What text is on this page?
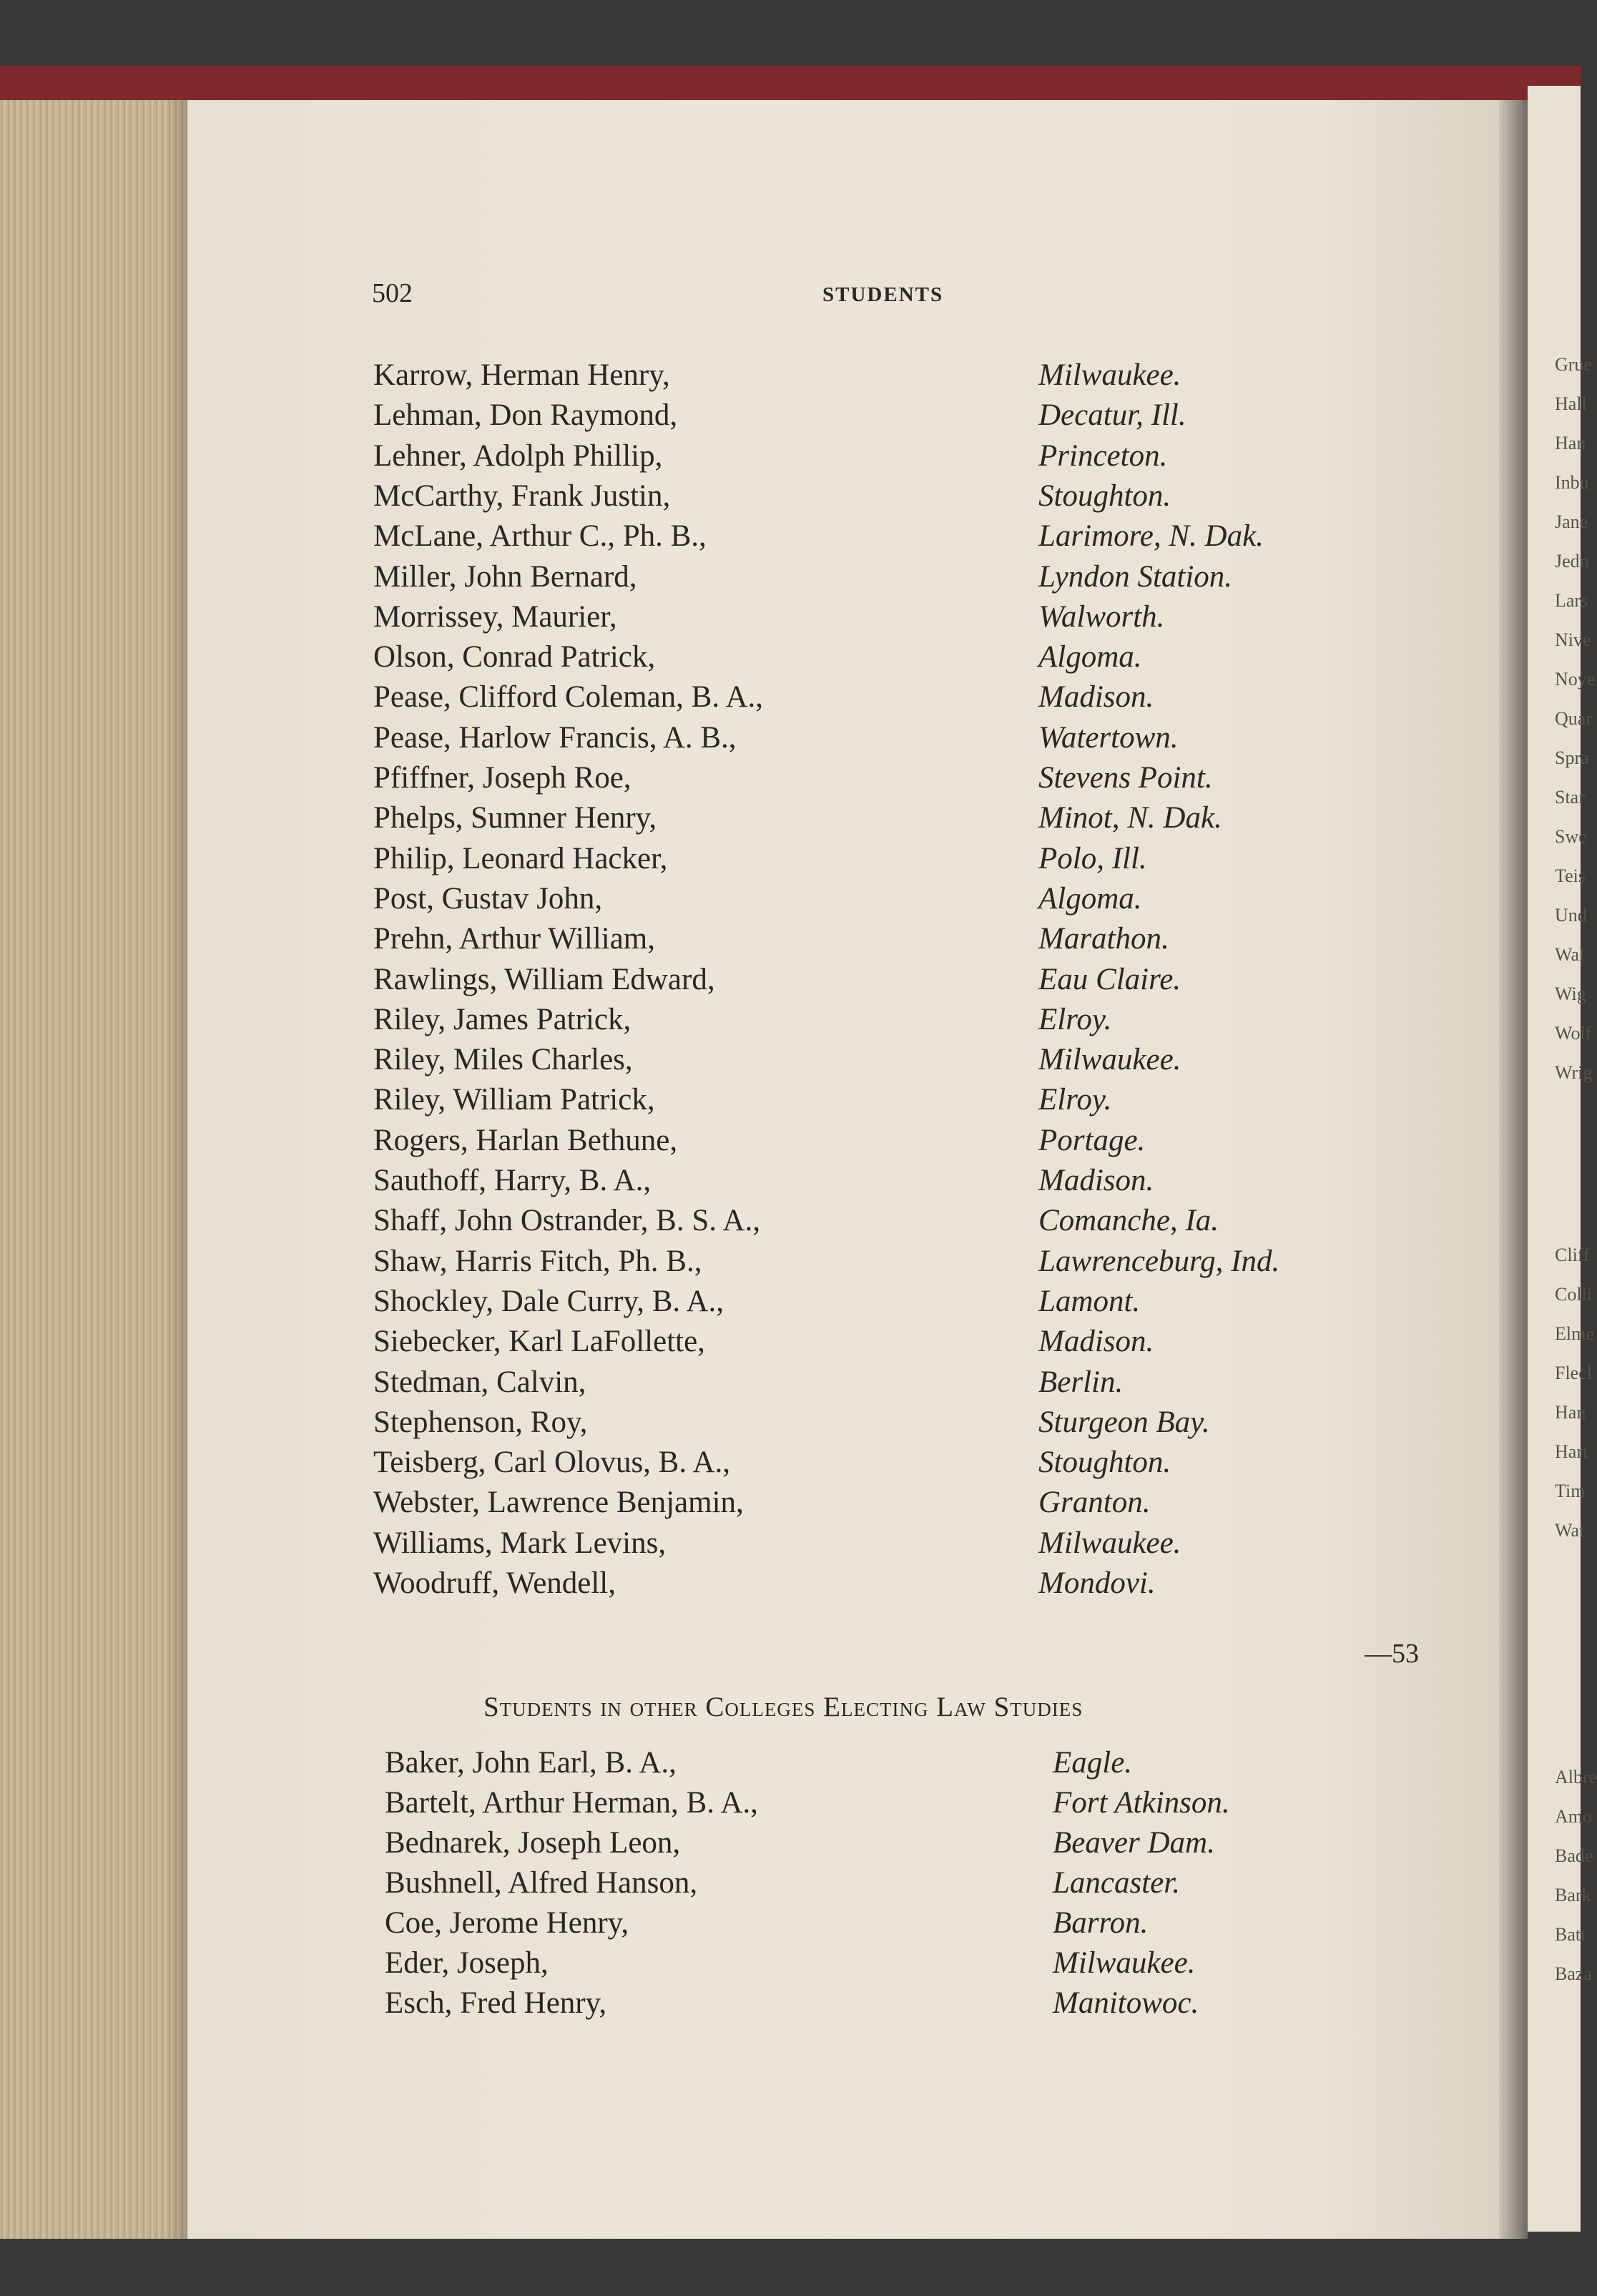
Grue
Hall
Han
Inbu
Jane
Jedn
Lars
Nive
Noye
Quar
Spra
Star
Swe
Teis
Und
Wal
Wig
Wolf
Wrig
Cliff
Colli
Elme
Flecl
Han
Hart
Tim
Wat
Albre
Amo
Bade
Bark
Batt
Baza
502	STUDENTS
Karrow, Herman Henry,	Milwaukee.
Lehman, Don Raymond,	Decatur, Ill.
Lehner, Adolph Phillip,	Princeton.
McCarthy, Frank Justin,	Stoughton.
McLane, Arthur C., Ph. B.,	Larimore, N. Dak.
Miller, John Bernard,	Lyndon Station.
Morrissey, Maurier,	Walworth.
Olson, Conrad Patrick,	Algoma.
Pease, Clifford Coleman, B. A.,	Madison.
Pease, Harlow Francis, A. B.,	Watertown.
Pfiffner, Joseph Roe,	Stevens Point.
Phelps, Sumner Henry,	Minot, N. Dak.
Philip, Leonard Hacker,	Polo, Ill.
Post, Gustav John,	Algoma.
Prehn, Arthur William,	Marathon.
Rawlings, William Edward,	Eau Claire.
Riley, James Patrick,	Elroy.
Riley, Miles Charles,	Milwaukee.
Riley, William Patrick,	Elroy.
Rogers, Harlan Bethune,	Portage.
Sauthoff, Harry, B. A.,	Madison.
Shaff, John Ostrander, B. S. A.,	Comanche, Ia.
Shaw, Harris Fitch, Ph. B.,	Lawrenceburg, Ind.
Shockley, Dale Curry, B. A.,	Lamont.
Siebecker, Karl LaFollette,	Madison.
Stedman, Calvin,	Berlin.
Stephenson, Roy,	Sturgeon Bay.
Teisberg, Carl Olovus, B. A.,	Stoughton.
Webster, Lawrence Benjamin,	Granton.
Williams, Mark Levins,	Milwaukee.
Woodruff, Wendell,	Mondovi.
—53
Students in other Colleges Electing Law Studies
Baker, John Earl, B. A.,	Eagle.
Bartelt, Arthur Herman, B. A.,	Fort Atkinson.
Bednarek, Joseph Leon,	Beaver Dam.
Bushnell, Alfred Hanson,	Lancaster.
Coe, Jerome Henry,	Barron.
Eder, Joseph,	Milwaukee.
Esch, Fred Henry,	Manitowoc.
